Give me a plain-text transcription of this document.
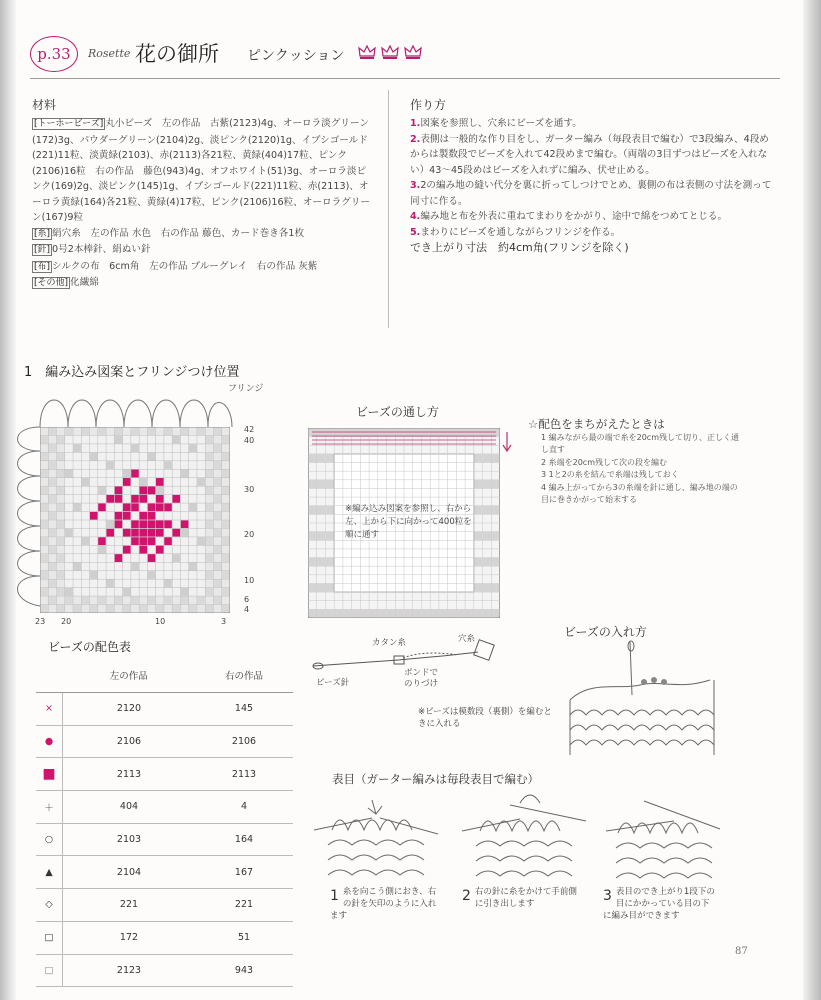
p.33 Rosette 花の御所 ピンクッション
材料

[トーホービーズ] 丸小ビーズ　左の作品　古紫(2123)4g、オーロラ淡グリーン(172)3g、パウダーグリーン(2104)2g、淡ピンク(2120)1g、イブシゴールド(221)11粒、淡黄緑(2103)、赤(2113)各21粒、黄緑(404)17粒、ピンク(2106)16粒　右の作品　藤色(943)4g、オフホワイト(51)3g、オーロラ淡ピンク(169)2g、淡ピンク(145)1g、イブシゴールド(221)11粒、赤(2113)、オーロラ黄緑(164)各21粒、黄緑(4)17粒、ピンク(2106)16粒、オーロラグリーン(167)9粒

[糸] 絹穴糸　左の作品 水色　右の作品 藤色、カード巻き各1枚

[針] 0号2本棒針、絹ぬい針

[布] シルクの布　6cm角　左の作品 ブルーグレイ　右の作品 灰紫

[その他] 化繊綿

作り方

1.図案を参照し、穴糸にビーズを通す。

2.表側は一般的な作り目をし、ガーター編み（毎段表目で編む）で3段編み、4段めからは製数段でビーズを入れて42段めまで編む。（両端の3目ずつはビーズを入れない）43～45段めはビーズを入れずに編み、伏せ止める。

3.2の編み地の縫い代分を裏に折ってしつけでとめ、裏側の布は表側の寸法を測って同寸に作る。

4.編み地と布を外表に重ねてまわりをかがり、途中で綿をつめてとじる。

5.まわりにビーズを通しながらフリンジを作る。

でき上がり寸法　 約4cm角(フリンジを除く)

1　 編み込み図案とフリンジつけ位置
フリンジ
42
40
30
20
10
6
4
23 20	10	3
ビーズの配色表
	左の作品	右の作品
×	2120	145
●	2106	2106
■	2113	2113
＋	404	4
○	2103	164
▲	2104	167
◇	221	221
□	172	51
□	2123	943
ビーズの通し方
※編み込み図案を参照し、右から左、上から下に向かって400粒を順に通す
☆配色をまちがえたときは

1 編みながら最の端で糸を20cm残して切り、正しく通し直す

2 糸端を20cm残して次の段を編む

3 1と2の糸を結んで糸端は残しておく

4 編み上がってから3の糸端を針に通し、編み地の端の目に巻きかがって始末する

カタン糸	穴糸
ビーズ針
ボンドでのりづけ
※ビーズは模数段（裏側）を編むときに入れる
ビーズの入れ方
表目（ガーター編みは毎段表目で編む）
1 糸を向こう側におき、右の針を矢印のように入れます
2 右の針に糸をかけて手前側に引き出します	3 表目のでき上がり1段下の目にかかっている目の下に編み目ができます
87
